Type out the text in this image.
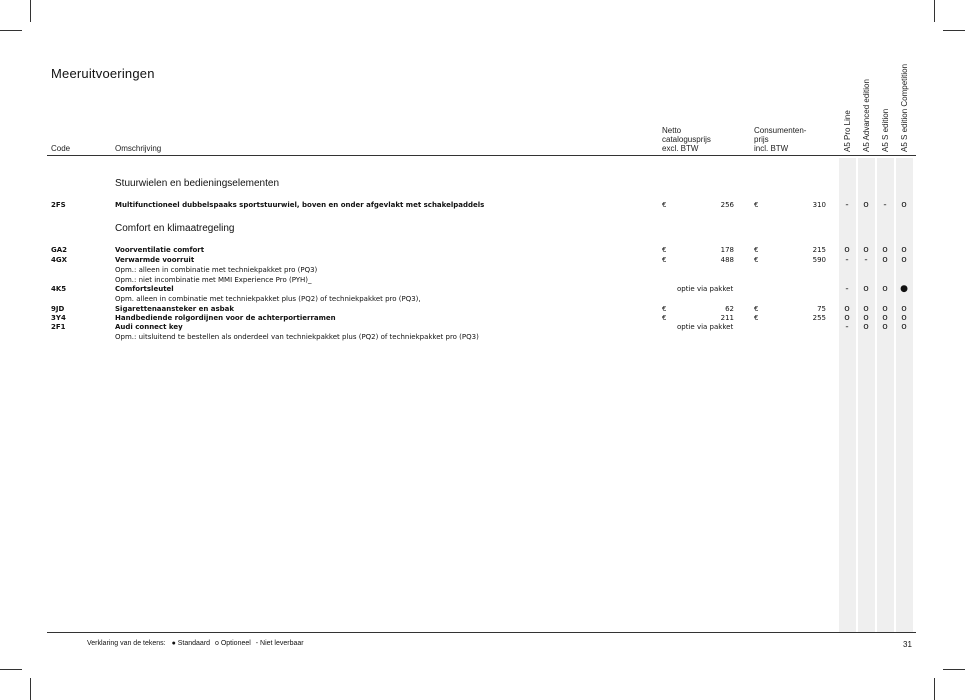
Meeruitvoeringen
Code	Omschrijving
Netto
catalogusprijs
excl. BTW
Consumenten-
prijs
incl. BTW	A5 Pro Line A5 Advanced edition A5 S edition A5 S edition Competition
Stuurwielen en bedieningselementen
2FS	Multifunctioneel dubbelspaaks sportstuurwiel, boven en onder afgevlakt met schakelpaddels	€	256	€	310	-	o	-	o
Comfort en klimaatregeling
GA2	Voorventilatie comfort	€	178	€	215	o	o	o	o
4GX	Verwarmde voorruit	€	488	€	590	-	-	o	o
Opm.: alleen in combinatie met techniekpakket pro (PQ3)
Opm.: niet incombinatie met MMI Experience Pro (PYH)_
4K5	Comfortsleutel	optie via pakket	-	o	o	●
Opm. alleen in combinatie met techniekpakket plus (PQ2) of techniekpakket pro (PQ3),
9JD	Sigarettenaansteker en asbak	€	62	€	75	o	o	o	o
3Y4	Handbediende rolgordijnen voor de achterportierramen	€	211	€	255	o	o	o	o
2F1	Audi connect key	optie via pakket	-	o	o	o
Opm.: uitsluitend te bestellen als onderdeel van techniekpakket plus (PQ2) of techniekpakket pro (PQ3)
Verklaring van de tekens: ● Standaard o Optioneel - Niet leverbaar	31
